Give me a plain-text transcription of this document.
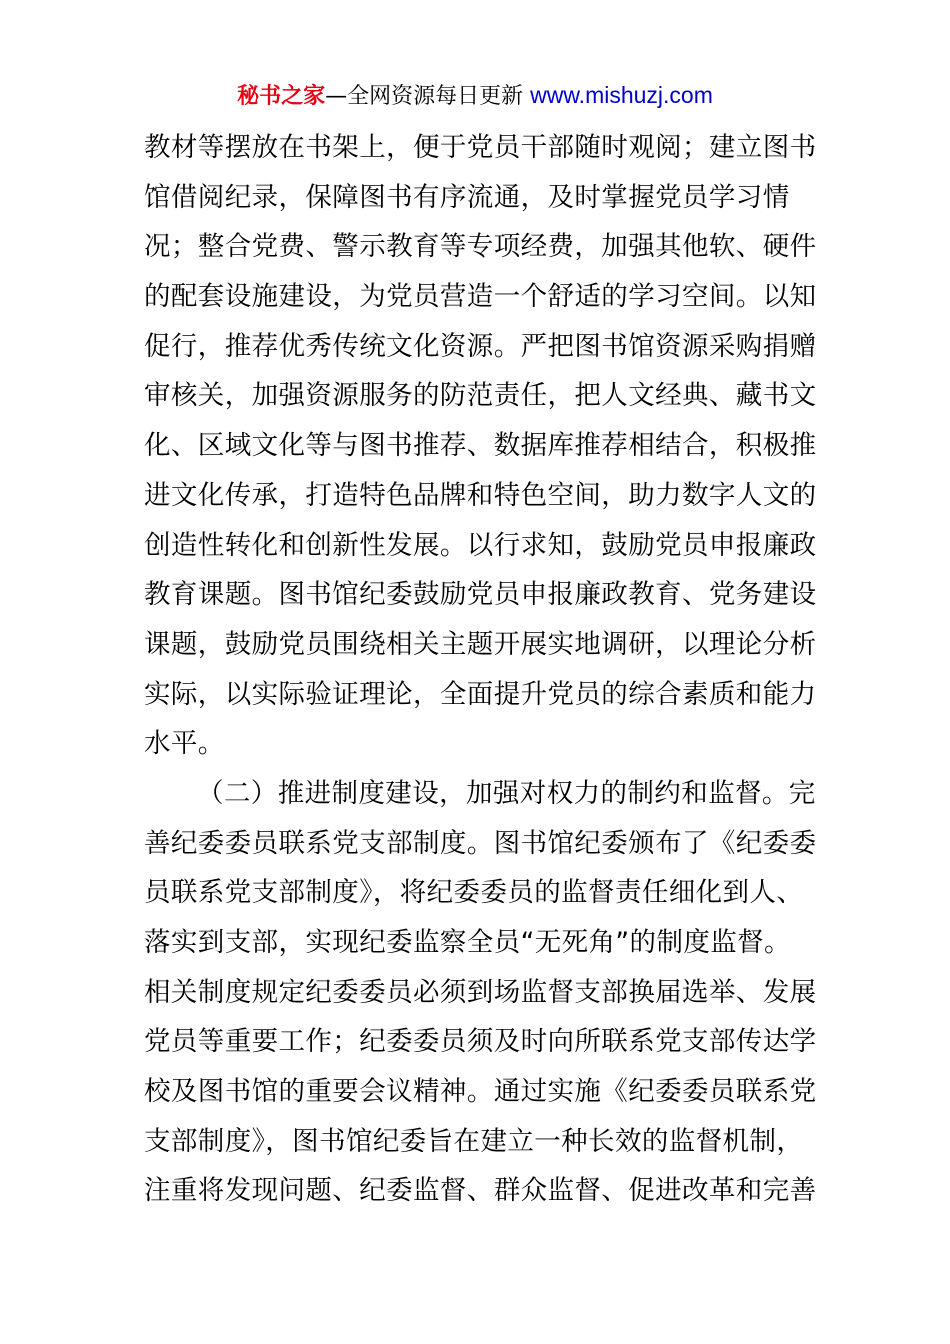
秘书之家—全网资源每日更新 www.mishuzj.com
教材等摆放在书架上，便于党员干部随时观阅；建立图书
馆借阅纪录，保障图书有序流通，及时掌握党员学习情
况；整合党费、警示教育等专项经费，加强其他软、硬件
的配套设施建设，为党员营造一个舒适的学习空间。以知
促行，推荐优秀传统文化资源。严把图书馆资源采购捐赠
审核关，加强资源服务的防范责任，把人文经典、藏书文
化、区域文化等与图书推荐、数据库推荐相结合，积极推
进文化传承，打造特色品牌和特色空间，助力数字人文的
创造性转化和创新性发展。以行求知，鼓励党员申报廉政
教育课题。图书馆纪委鼓励党员申报廉政教育、党务建设
课题，鼓励党员围绕相关主题开展实地调研，以理论分析
实际，以实际验证理论，全面提升党员的综合素质和能力
水平。
（二）推进制度建设，加强对权力的制约和监督。完
善纪委委员联系党支部制度。图书馆纪委颁布了《纪委委
员联系党支部制度》，将纪委委员的监督责任细化到人、
落实到支部，实现纪委监察全员“无死角”的制度监督。
相关制度规定纪委委员必须到场监督支部换届选举、发展
党员等重要工作；纪委委员须及时向所联系党支部传达学
校及图书馆的重要会议精神。通过实施《纪委委员联系党
支部制度》，图书馆纪委旨在建立一种长效的监督机制，
注重将发现问题、纪委监督、群众监督、促进改革和完善
